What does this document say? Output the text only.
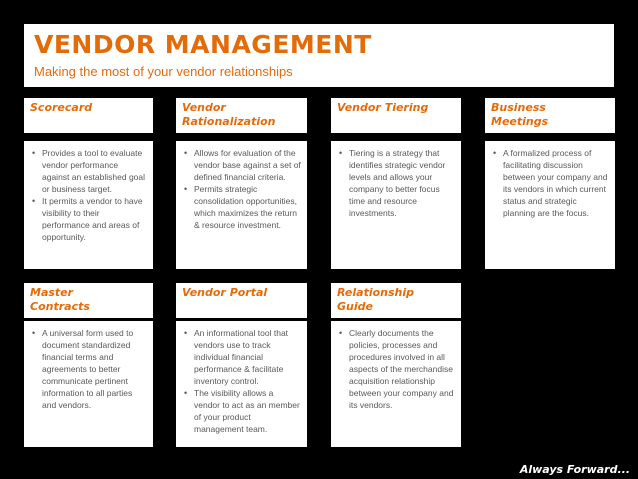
VENDOR MANAGEMENT
Making the most of your vendor relationships
Scorecard
• Provides a tool to evaluate vendor performance against an established goal or business target.
• It permits a vendor to have visibility to their performance and areas of opportunity.
Vendor
Rationalization
• Allows for evaluation of the vendor base against a set of defined financial criteria.
• Permits strategic consolidation opportunities, which maximizes the return & resource investment.
Vendor Tiering
• Tiering is a strategy that identifies strategic vendor levels and allows your company to better focus time and resource investments.
Business
Meetings
• A formalized process of facilitating discussion between your company and its vendors in which current status and strategic planning are the focus.
Master
Contracts
• A universal form used to document standardized financial terms and agreements to better communicate pertinent information to all parties and vendors.
Vendor Portal
• An informational tool that vendors use to track individual financial performance & facilitate inventory control.
• The visibility allows a vendor to act as an member of your product management team.
Relationship
Guide
• Clearly documents the policies, processes and procedures involved in all aspects of the merchandise acquisition relationship between your company and its vendors.
Always Forward...
